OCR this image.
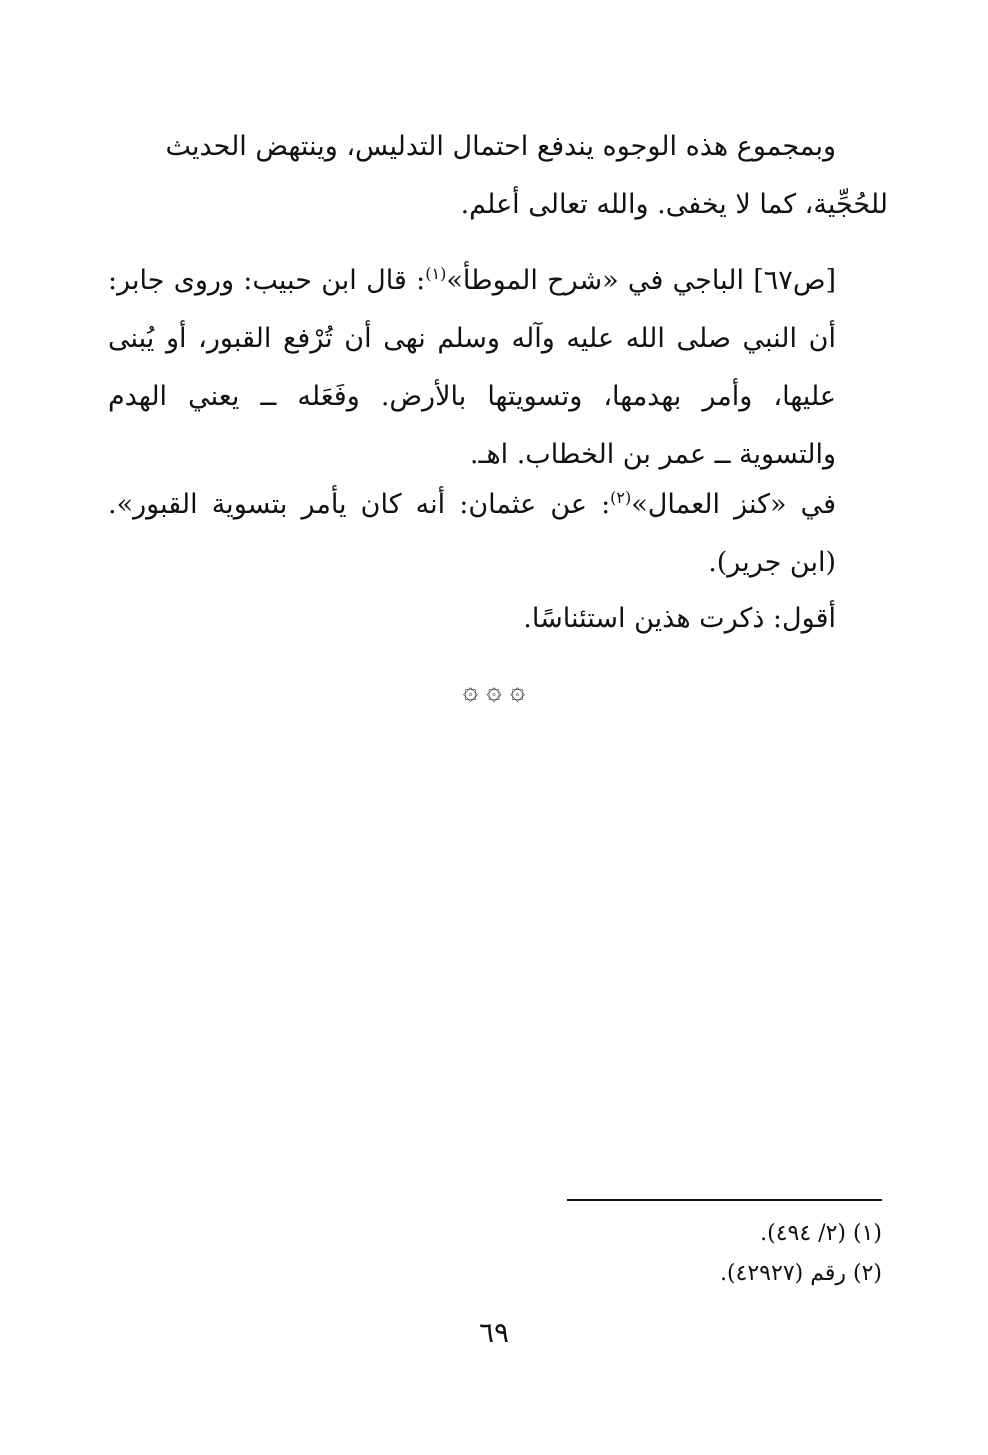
وبمجموع هذه الوجوه يندفع احتمال التدليس، وينتهض الحديث

للحُجِّية، كما لا يخفى. والله تعالى أعلم.

[ص٦٧] الباجي في «شرح الموطأ»$^{(١)}$: قال ابن حبيب: وروى جابر: أن النبي صلى الله عليه وآله وسلم نهى أن تُرْفع القبور، أو يُبنى عليها، وأمر بهدمها، وتسويتها بالأرض. وفَعَله ــ يعني الهدم والتسوية ــ عمر بن الخطاب. اهـ.

في «كنز العمال»$^{(٢)}$: عن عثمان: أنه كان يأمر بتسوية القبور». (ابن جرير).

أقول: ذكرت هذين استئناسًا.

۞ ۞ ۞

(١) (٢/ ٤٩٤).

(٢) رقم (٤٢٩٢٧).

٦٩
